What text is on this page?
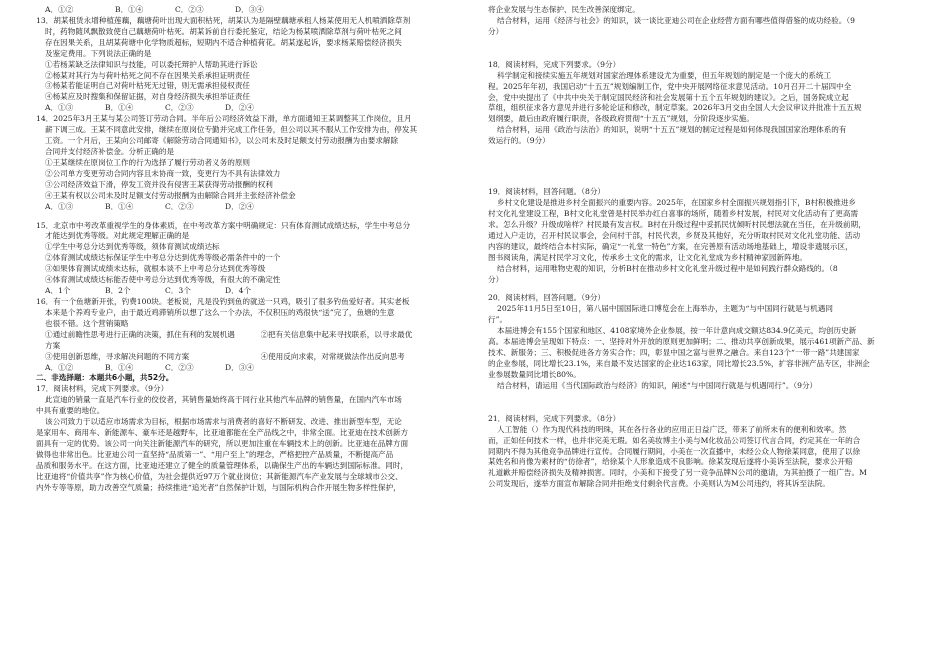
A．①②	B．①④	C．②③	D．③④
13．胡某租赁永增种植莲藕，藕塘荷叶出现大面积枯死，胡某认为是隔壁藕塘承租人杨某使用无人机喷洒除草剂
时，药物随风飘散致使自己藕塘荷叶枯死。胡某诉前自行委托鉴定，结论为杨某喷洒除草剂与荷叶枯死之间
存在因果关系，且胡某荷塘中化学物质超标，短期内不适合种植荷花。胡某遂起诉，要求杨某赔偿经济损失
及鉴定费用。下列说法正确的是
①若杨某缺乏法律知识与技能，可以委托辩护人帮助其进行诉讼
②杨某对其行为与荷叶枯死之间不存在因果关系承担证明责任
③杨某若能证明自己对荷叶枯死无过错，则无需承担侵权责任
④杨某应及时搜集和保留证据，对自身经济损失承担举证责任
A．①③	B．①④	C．②③	D．②④
14．2025年3月王某与某公司签订劳动合同。半年后公司经济效益下滑，单方面通知王某调整其工作岗位，且月
薪下调三成。王某不同意此安排，继续在原岗位专勤并完成工作任务，但公司以其不服从工作安排为由，停发其
工资。一个月后，王某向公司邮寄《解除劳动合同通知书》，以公司未及时足额支付劳动报酬为由要求解除
合同并支付经济补偿金。分析正确的是
①王某继续在原岗位工作的行为选择了履行劳动者义务的原则
②公司单方变更劳动合同内容且未协商一致，变更行为不具有法律效力
③公司经济效益下滑，停发工资并没有侵害王某获得劳动报酬的权利
④王某有权以公司未及时足额支付劳动报酬为由解除合同并主张经济补偿金
A．①③	B．①④	C．②③	D．②④
15．北京市中考改革重视学生的身体素质，在中考改革方案中明确规定：只有体育测试成绩达标，学生中考总分
才能达到优秀等级。对此规定理解正确的是
①学生中考总分达到优秀等级，须体育测试成绩达标
②体育测试成绩达标保证学生中考总分达到优秀等级必需条件中的一个
③如果体育测试成绩未达标，就根本谈不上中考总分达到优秀等级
④体育测试成绩达标能否使中考总分达到优秀等级，有很大的不确定性
A．1个	B．2个	C．3个	D．4个
16．有一个鱼塘新开张，钓费100块。老板说，凡是没钓到鱼的就送一只鸡，吸引了很多钓鱼爱好者。其实老板
本来是个养鸡专业户，由于最近鸡滞销所以想了这么一个办法，不仅积压的鸡很快“送”完了，鱼塘的生意
也很不错。这个营销策略
①通过前瞻性思考进行正确的决策，抓住有利的发展机遇	②把有关信息集中起来寻找联系，以寻求最优
方案
③使用创新思维，寻求解决问题的不同方案	④使用反向求索，对常规做法作出反向思考
A．①②	B．①④	C．②③	D．③④
二、非选择题：本题共6小题，共52分。
17．阅读材料，完成下列要求。（9分）
此宣迪的销量一直是汽车行业的佼佼者，其销售量始终高于同行业其他汽车品牌的销售量，在国内汽车市场
中具有重要的地位。
该公司致力于以适应市场需求为目标，根据市场需求与消费者的喜好不断研发、改进、推出新型车型，无论
是家用车、商用车、新能源车、豪车还是越野车，比亚迪都能在全产品线之中，非常全面。比亚迪在技术创新方
面具有一定的优势。该公司一向关注新能源汽车的研究，所以更加注重在车辆技术上的创新。比亚迪在品牌方面
做得也非常出色。比亚迪公司一直坚持“品质第一”、“用户至上”的理念，严格把控产品质量，不断提高产品
品质和服务水平。在这方面，比亚迪还建立了健全的质量管理体系，以确保生产出的车辆达到国际标准。同时，
比亚迪将“价值共享”作为核心价值，为社会提供近97万个就业岗位；其新能源汽车产业发展与全球城市公交、
内外专等等原，助力改善空气质量；持续推进“追光者”自然保护计划，与国际机构合作开展生物多样性保护，
将企业发展与生态保护、民生改善深度绑定。
结合材料，运用《经济与社会》的知识，谈一谈比亚迪公司在企业经营方面有哪些值得借鉴的成功经验。（9
分）
18．阅读材料，完成下列要求。（9分）
科学制定和接续实施五年规划对国家治理体系建设尤为重要，但五年规划的制定是一个庞大的系统工
程。2025年年初，我国启动“十五五”规划编制工作，党中央开展网络征求意见活动。10月召开二十届四中全
会，党中央提出了《中共中央关于制定国民经济和社会发展第十五个五年规划的建议》。之后，国务院成立起
草组，组织征求各方意见并进行多轮论证和修改，制定草案。2026年3月交由全国人大会议审议并批准十五五规
划纲要，最后由政府履行职责，各级政府贯彻“十五五”规划，分阶段逐步实施。
结合材料，运用《政治与法治》的知识，说明“十五五”规划的制定过程是如何体现我国国家治理体系的有
效运行的。（9分）
19．阅读材料，回答问题。（8分）
乡村文化建设是推进乡村全面振兴的重要内容。2025年，在国家乡村全面振兴规划指引下，B村积极推进乡
村文化礼堂建设工程，B村文化礼堂曾是村民举办红白喜事的场所，随着乡村发展，村民对文化活动有了更高需
求。怎么升级？升级成啥样？村民最有发言权。B村在升级过程中妥抓民忧倾听村民想法就在当任，在升级前期，
通过入户走访，召开村民议事会，会问村干部，村民代表，乡贤及其他好，充分听取村民对文化礼堂功能、活动
内容的建议，最终结合本村实际，确定“一礼堂一特色”方案，在完善原有活动场地基础上，增设非遗展示区，
图书阅读角，满足村民学习文化，传承乡土文化的需求，让文化礼堂成为乡村精神家园新阵地。
结合材料，运用唯物史观的知识，分析B村在推动乡村文化礼堂升级过程中是如何践行群众路线的。（8
分）
20．阅读材料，回答问题。（9分）
2025年11月5日至10日，第八届中国国际进口博览会在上海举办，主题为“与中国同行就是与机遇同
行”。
本届进博会有155个国家和地区、4108家境外企业参展，按一年计意向成交额达834.9亿美元，均创历史新
高。本届进博会呈现如下特点：一、坚持对外开放的原则更加鲜明；二、推动共享创新成果，展示461项新产品、新
技术、新服务；三、积极促进各方务实合作；四，彰显中国之富与世界之融合。来自123个“一带一路”共建国家
的企业参展，同比增长23.1%，来自最不发达国家的企业达163家，同比增长23.5%，扩容非洲产品专区，非洲企
业参展数量同比增长80%。
结合材料，请运用《当代国际政治与经济》的知识，阐述“与中国同行就是与机遇同行”。（9分）
21．阅读材料，完成下列要求。（8分）
人工智能（）作为现代科技的明珠，其在各行各业的应用正日益广泛，带来了前所未有的便利和效率。然
而，正如任何技术一样，也并非完美无瑕。如名美妆博主小美与M化妆品公司签订代言合同，约定其在一年的合
同期内不得为其他竞争品牌进行宣传。合同履行期间，小美在一次直播中，未经公众人物徐某同意，使用了以徐
某姓名和肖像为素材的“仿徐者”，给徐某个人形象造成不良影响。徐某发现后遂将小美诉至法院，要求公开赔
礼道歉并赔偿经济损失及精神损害。同时，小美和下接受了另一竞争品牌N公司的邀请，为其拍摄了一组广告。M
公司发现后，遂举方面宣布解除合同并拒绝支付剩余代言费。小美则认为M公司违约，将其诉至法院。
